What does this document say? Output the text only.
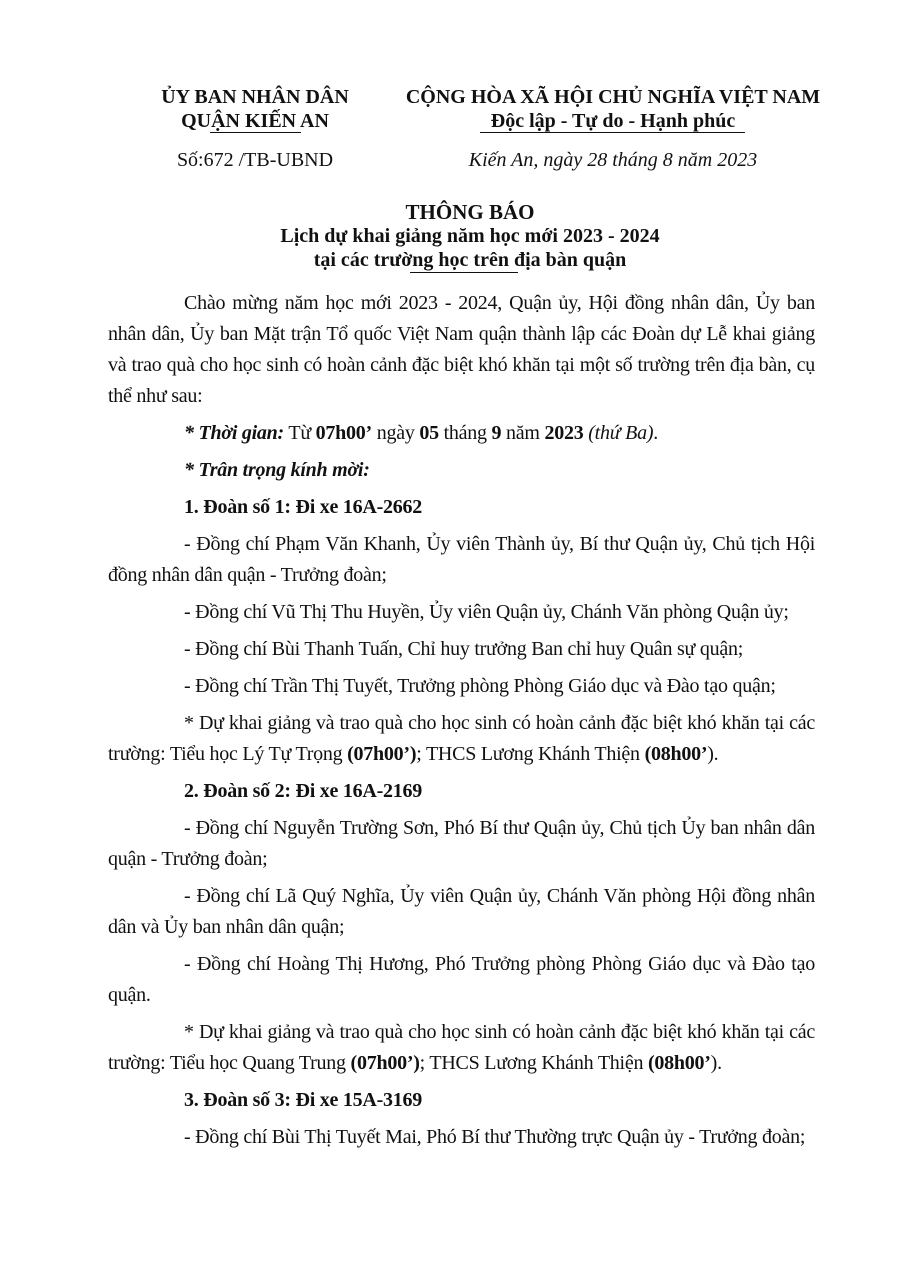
ỦY BAN NHÂN DÂN
QUẬN KIẾN AN
CỘNG HÒA XÃ HỘI CHỦ NGHĨA VIỆT NAM
Độc lập - Tự do - Hạnh phúc
Số:672 /TB-UBND	Kiến An, ngày 28 tháng 8 năm 2023
THÔNG BÁO
Lịch dự khai giảng năm học mới 2023 - 2024
tại các trường học trên địa bàn quận
Chào mừng năm học mới 2023 - 2024, Quận ủy, Hội đồng nhân dân, Ủy ban nhân dân, Ủy ban Mặt trận Tổ quốc Việt Nam quận thành lập các Đoàn dự Lễ khai giảng và trao quà cho học sinh có hoàn cảnh đặc biệt khó khăn tại một số trường trên địa bàn, cụ thể như sau:
* Thời gian: Từ 07h00’ ngày 05 tháng 9 năm 2023 (thứ Ba).
* Trân trọng kính mời:
1. Đoàn số 1: Đi xe 16A-2662
- Đồng chí Phạm Văn Khanh, Ủy viên Thành ủy, Bí thư Quận ủy, Chủ tịch Hội đồng nhân dân quận - Trưởng đoàn;
- Đồng chí Vũ Thị Thu Huyền, Ủy viên Quận ủy, Chánh Văn phòng Quận ủy;
- Đồng chí Bùi Thanh Tuấn, Chỉ huy trưởng Ban chỉ huy Quân sự quận;
- Đồng chí Trần Thị Tuyết, Trưởng phòng Phòng Giáo dục và Đào tạo quận;
* Dự khai giảng và trao quà cho học sinh có hoàn cảnh đặc biệt khó khăn tại các trường: Tiểu học Lý Tự Trọng (07h00’); THCS Lương Khánh Thiện (08h00’).
2. Đoàn số 2: Đi xe 16A-2169
- Đồng chí Nguyễn Trường Sơn, Phó Bí thư Quận ủy, Chủ tịch Ủy ban nhân dân quận - Trưởng đoàn;
- Đồng chí Lã Quý Nghĩa, Ủy viên Quận ủy, Chánh Văn phòng Hội đồng nhân dân và Ủy ban nhân dân quận;
- Đồng chí Hoàng Thị Hương, Phó Trưởng phòng Phòng Giáo dục và Đào tạo quận.
* Dự khai giảng và trao quà cho học sinh có hoàn cảnh đặc biệt khó khăn tại các trường: Tiểu học Quang Trung (07h00’); THCS Lương Khánh Thiện (08h00’).
3. Đoàn số 3: Đi xe 15A-3169
- Đồng chí Bùi Thị Tuyết Mai, Phó Bí thư Thường trực Quận ủy - Trưởng đoàn;
